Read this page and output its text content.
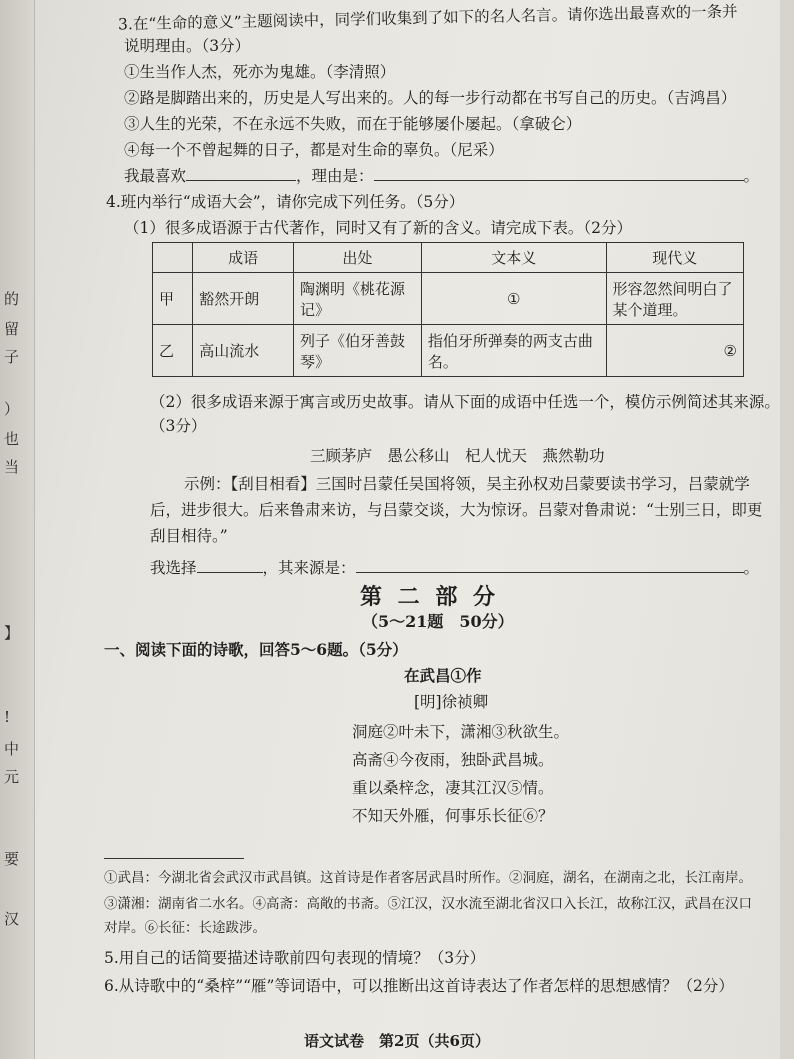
的
留
子
）
也
当
】
!
中
元
要
汉
3.在“生命的意义”主题阅读中，同学们收集到了如下的名人名言。请你选出最喜欢的一条并
说明理由。（3分）
①生当作人杰，死亦为鬼雄。（李清照）
②路是脚踏出来的，历史是人写出来的。人的每一步行动都在书写自己的历史。（吉鸿昌）
③人生的光荣，不在永远不失败，而在于能够屡仆屡起。（拿破仑）
④每一个不曾起舞的日子，都是对生命的辜负。（尼采）
我最喜欢	，理由是：	。
4.班内举行“成语大会”，请你完成下列任务。（5分）
（1）很多成语源于古代著作，同时又有了新的含义。请完成下表。（2分）
	成语	出处	文本义	现代义
甲	豁然开朗	陶渊明《桃花源记》	①	形容忽然间明白了某个道理。
乙	高山流水	列子《伯牙善鼓琴》	指伯牙所弹奏的两支古曲名。	②
（2）很多成语来源于寓言或历史故事。请从下面的成语中任选一个，模仿示例简述其来源。
（3分）
三顾茅庐　愚公移山　杞人忧天　燕然勒功
示例：【刮目相看】三国时吕蒙任吴国将领，吴主孙权劝吕蒙要读书学习，吕蒙就学
后，进步很大。后来鲁肃来访，与吕蒙交谈，大为惊讶。吕蒙对鲁肃说：“士别三日，即更
刮目相待。”
我选择	，其来源是：	。
第 二 部 分
（5～21题　50分）
一、阅读下面的诗歌，回答5～6题。（5分）
在武昌①作
[明]徐祯卿
洞庭②叶未下，潇湘③秋欲生。
高斋④今夜雨，独卧武昌城。
重以桑梓念，凄其江汉⑤情。
不知天外雁，何事乐长征⑥？
①武昌：今湖北省会武汉市武昌镇。这首诗是作者客居武昌时所作。②洞庭，湖名，在湖南之北，长江南岸。
③潇湘：湖南省二水名。④高斋：高敞的书斋。⑤江汉，汉水流至湖北省汉口入长江，故称江汉，武昌在汉口
对岸。⑥长征：长途跋涉。
5.用自己的话简要描述诗歌前四句表现的情境？（3分）
6.从诗歌中的“桑梓”“雁”等词语中，可以推断出这首诗表达了作者怎样的思想感情？（2分）
语文试卷　第2页（共6页）
